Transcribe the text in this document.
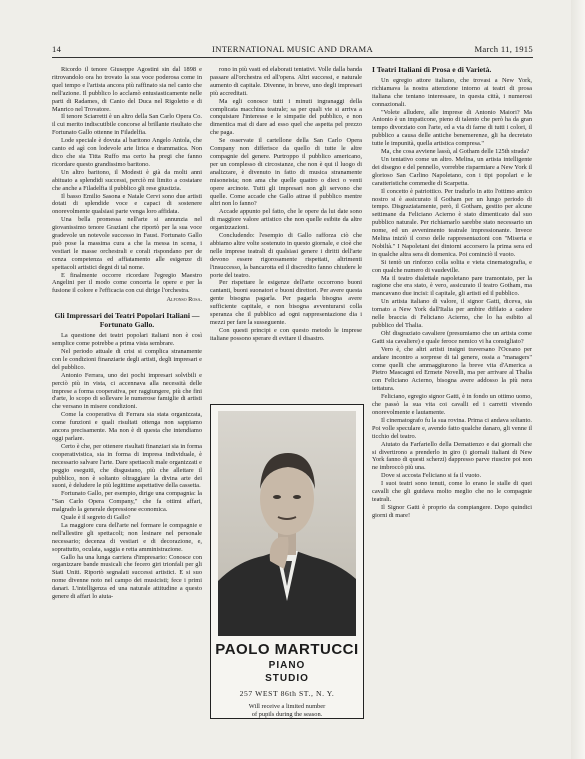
14	INTERNATIONAL MUSIC AND DRAMA	March 11, 1915

Ricordo il tenore Giuseppe Agostini sin dal 1898 e ritrovandolo ora ho trovato la sua voce poderosa come in quel tempo e l'artista ancora più raffinato sia nel canto che nell'azione. Il pubblico lo acclamò entusiasticamente nelle parti di Radames, di Canio del Duca nel Rigoletto e di Manrico nel Trovatore.

Il tenore Sciarretti è un altro della San Carlo Opera Co. il cui merito indiscutibile concorse al brillante risultato che Fortunato Gallo ottenne in Filadelfia.

Lode speciale è dovuta al baritono Angelo Antola, che canto ed agì con lodevole arte lirica e drammatica. Non dico che sia Titta Ruffo ma certo ha pregi che fanno ricordare questo grandissimo baritono.

Un altro baritono, il Modesti è già da molti anni abituato a splendidi successi, perciò mi limito a costatare che anche a Filadelfia il pubblico gli rese giustizia.

Il basso Emilio Sasona e Natale Cervi sono due artisti dotati di splendide voce e capaci di sostenere onorevolmente qualsiasi parte venga loro affidata.

Una bella promessa nell'arte si annunzia nel giovanissimo tenore Graziani che riportò per la sua voce gradevole un notevole successo in Faust. Fortunato Gallo può pose la massima cura a che la messa in scena, i vestiari le masse orchestrali e corali rispondano per de cenza competenza ed affiatamento alle esigenze di spettacoli artistici degni di tal nome.

E finalmente occorre ricordare l'egregio Maestro Angelini per il modo come concerta le opere e per la fusione il colore e l'efficacia con cui dirige l'orchestra.

Alfonso Rosa.

Gli Impressari dei Teatri Popolari Italiani — Fortunato Gallo.

La questione dei teatri popolari italiani non è così semplice come potrebbe a prima vista sembrare.

Nel periodo attuale di crisi si complica stranamente con le condizioni finanziarie degli artisti, degli impresari e del pubblico.

Antonio Ferrara, uno dei pochi impresari solvibili e perciò più in vista, ci accennava alla necessità delle imprese a forma cooperativa, per raggiungere, più che fini d'arte, lo scopo di sollevare le numerose famiglie di artisti che versano in misere condizioni.

Come la cooperativa di Ferrara sia stata organizzata, come funzioni e quali risultati ottenga non sappiamo ancora precisamente. Ma non è di questa che intendiamo oggi parlare.

Certo è che, per ottenere risultati finanziari sia in forma cooperativistica, sia in forma di impresa individuale, è necessario salvare l'arte. Dare spettacoli male organizzati e peggio eseguiti, che disgustano, più che allettare il pubblico, non è soltanto oltraggiare la divina arte dei suoni, è deludere le più legittime aspettative della cassetta.

Fortunato Gallo, per esempio, dirige una compagnia: la "San Carlo Opera Company," che fa ottimi affari, malgrado la generale depressione economica.

Quale è il segreto di Gallo?

La maggiore cura dell'arte nel formare le compagnie e nell'allestire gli spettacoli; non lesinare nel personale necessario; decenza di vestiari e di decorazione, e, soprattutto, oculata, saggia e retta amministrazione.

Gallo ha una lunga carriera d'impresario: Conosce con organizzare bande musicali che fecero giri trionfali per gli Stati Uniti. Riportò segnalati successi artistici. E si suo nome divenne noto nel campo dei musicisti; fece i primi danari. L'intelligenza ed una naturale attitudine a questo genere di affari lo aiuta-

rono in più vasti ed elaborati tentativi. Volle dalla banda passare all'orchestra ed all'opera. Altri successi, e naturale aumento di capitale. Divenne, in breve, uno degli impresari più accreditati.

Ma egli conosce tutti i minuti ingranaggi della complicata macchina teatrale; sa per quali vie si arriva a conquistare l'interesse e le simpatie del pubblico, e non dimentica mai di dare ad esso quel che aspetta pel prezzo che paga.

Se osservate il cartellone della San Carlo Opera Company non differisce da quello di tutte le altre compagnie del genere. Purtroppo il pubblico americano, per un complesso di circostanze, che non è qui il luogo di analizzare, è divenuto in fatto di musica stranamente misoneista; non ama che quelle quattro o dieci o venti opere arcinote. Tutti gli impresari non gli servono che quelle. Come accade che Gallo attrae il pubblico mentre altri non lo fanno?

Accade appunto pel fatto, che le opere da lui date sono di maggiore valore artistico che non quelle esibite da altre organizzazioni.

Concludendo: l'esempio di Gallo rafforza ciò che abbiamo altre volte sostenuto in questo giornale, e cioè che nelle imprese teatrali di qualsiasi genere i diritti dell'arte devono essere rigorosamente rispettati, altrimenti l'insuccesso, la bancarotta ed il discredito fanno chiudere le porte del teatro.

Per rispettare le esigenze dell'arte occorrono buoni cantanti, buoni suonatori e buoni direttori. Per avere questa gente bisogna pagarla. Per pagarla bisogna avere sufficiente capitale, e non bisogna avventurarsi colla speranza che il pubblico ad ogni rappresentazione dia i mezzi per fare la susseguente.

Con questi principi e con questo metodo le imprese italiane possono sperare di evitare il disastro.

PAOLO MARTUCCI
PIANO
STUDIO
257 WEST 86th ST., N. Y.
Will receive a limited number
of pupils during the season.
I Teatri Italiani di Prosa e di Varietà.

Un egregio attore italiano, che trovasi a New York, richiamava la nostra attenzione intorno ai teatri di prosa italiana che tentano interessare, in questa città, i numerosi connazionali.

"Volete alludere, alle imprese di Antonio Maiori? Ma Antonio è un impaticone, pieno di talento che però ha da gran tempo divorziato con l'arte, ed a via di farne di tutti i colori, il pubblico a causa delle antiche benemerenze, gli ha decretato tutte le impunità, quella artistica compresa."

Ma, che cosa avviene lassù, al Gotham delle 125th strada?

Un tentativo come un altro. Melina, un artista intelligente dei disegno e del pennello, vorrebbe risparmiare a New York il glorioso San Carlino Napoletano, con i tipi popolari e le caratteristiche commedie di Scarpetta.

Il concetto è patriottico. Per tradurlo in atto l'ottimo amico nostro si è assicurato il Gotham per un lungo periodo di tempo. Disgraziatamente, però, il Gotham, gestito per alcune settimane da Feliciano Acierno è stato dimenticato dal suo pubblico naturale. Per richiamarlo sarebbe stato necessario un nome, ed un avvenimento teatrale impressionante. Invece Melina iniziò il corso delle rappresentazioni con "Miseria e Nobiltà." I Napoletani dei dintorni accorsero la prima sera ed in qualche altra sera di domenica. Poi cominciò il vuoto.

Si tentò un rinforzo colla solita e vieta cinematografia, e con qualche numero di vaudeville.

Ma il teatro dialettale napoletano pare tramontato, per la ragione che era stato, è vero, assicurato il teatro Gotham, ma mancavano due incisi: il capitale, gli artisti ed il pubblico.

Un artista italiano di valore, il signor Gatti, diceva, sia tornato a New York dall'Italia per ambire difilato a cadere nelle braccia di Feliciano Acierno, che lo ha esibito al pubblico del Thalia.

Oh! disgraziato cavaliere (presumiamo che un artista come Gatti sia cavaliere) e quale feroce nemico vi ha consigliato?

Vero è, che altri artisti insigni traversano l'Oceano per andare incontro a sorprese di tal genere, ossia a "managers" come quelli che ammaggiurono la breve vita d'America a Pietro Mascagni ed Ermete Novelli, ma per arrivare al Thalia con Feliciano Acierno, bisogna avere addosso la più nera iettatura.

Feliciano, egregio signor Gatti, è in fondo un ottimo uomo, che passò la sua vita coi cavalli ed i carretti vivendo onorevolmente e lautamente.

Il cinematografo fu la sua rovina. Prima ci andava soltanto. Poi volle speculare e, avendo fatto qualche danaro, gli venne il ticchio del teatro.

Aiutato da Farfariello della Dematienzo e dai giornali che si divertirono a prenderlo in giro (i giornali italiani di New York fanno di questi scherzi) dappresso parve riuscire poi non ne imbroccò più una.

Dove si accosta Feliciano si fa il vuoto.

I suoi teatri sono tenuti, come lo erano le stalle di quei cavalli che gli guidava molto meglio che no le compagnie teatrali.

Il Signor Gatti è proprio da compiangere. Dopo quindici giorni di mare!
